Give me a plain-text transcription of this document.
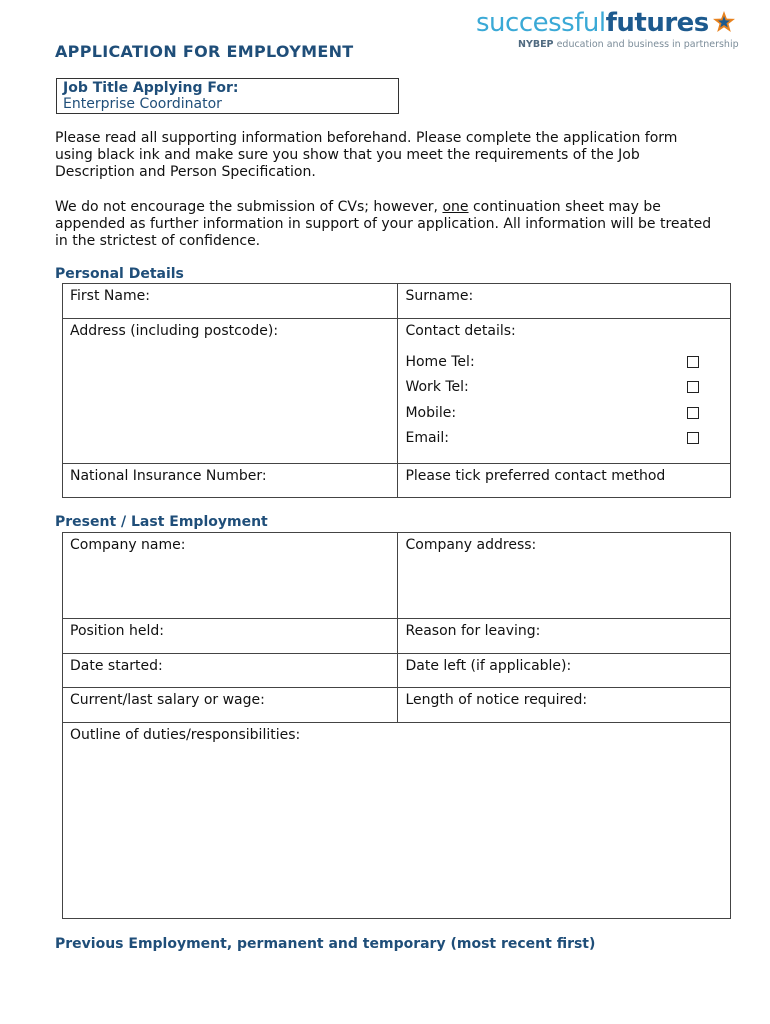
successfulfutures
NYBEP education and business in partnership
APPLICATION FOR EMPLOYMENT
Job Title Applying For:
Enterprise Coordinator

Please read all supporting information beforehand. Please complete the application form using black ink and make sure you show that you meet the requirements of the Job Description and Person Specification.

We do not encourage the submission of CVs; however, one continuation sheet may be appended as further information in support of your application. All information will be treated in the strictest of confidence.

Personal Details

First Name:	Surname:
Address (including postcode):	Contact details:
Home Tel:
Work Tel:
Mobile:
Email:

National Insurance Number:	Please tick preferred contact method

Present / Last Employment

Company name:	Company address:
Position held:	Reason for leaving:
Date started:	Date left (if applicable):
Current/last salary or wage:	Length of notice required:
Outline of duties/responsibilities:	

Previous Employment, permanent and temporary (most recent first)
